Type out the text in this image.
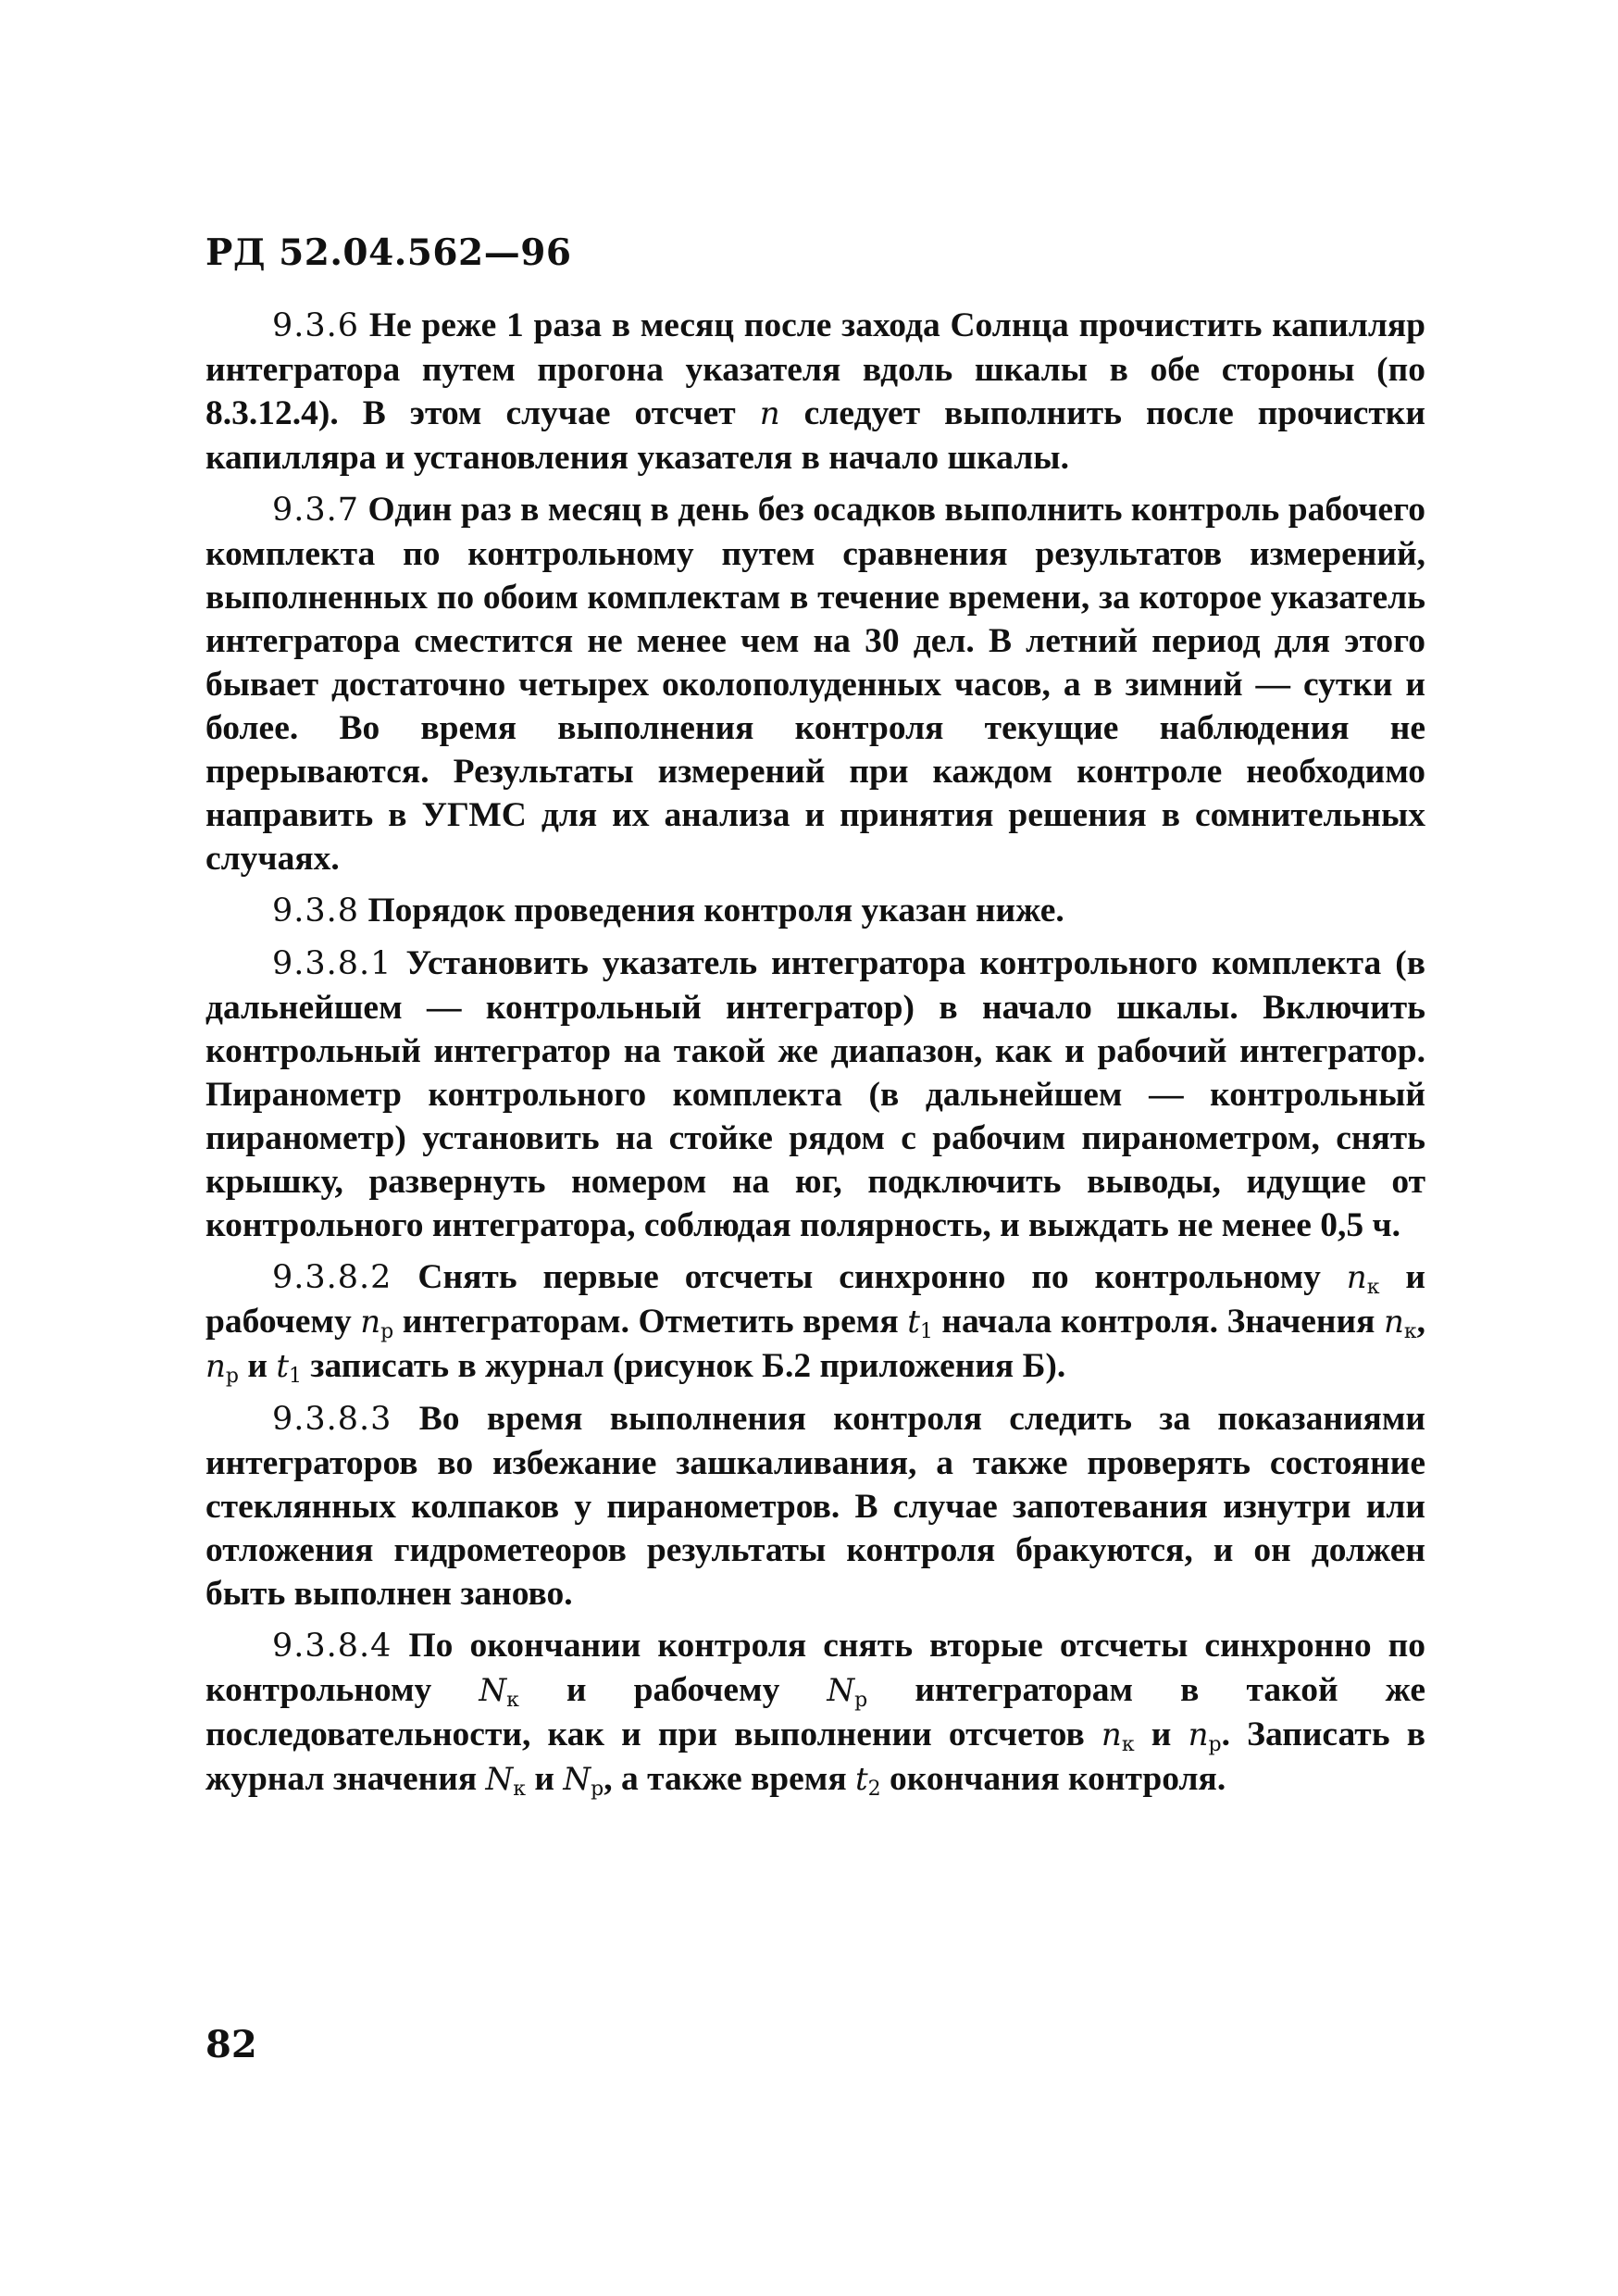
РД 52.04.562—96

9.3.6 Не реже 1 раза в месяц после захода Солнца прочистить капилляр интегратора путем прогона указателя вдоль шкалы в обе стороны (по 8.3.12.4). В этом случае отсчет n следует выполнить после прочистки капилляра и установления указателя в начало шкалы.

9.3.7 Один раз в месяц в день без осадков выполнить контроль рабочего комплекта по контрольному путем сравнения результатов измерений, выполненных по обоим комплектам в течение времени, за которое указатель интегратора сместится не менее чем на 30 дел. В летний период для этого бывает достаточно четырех околополуденных часов, а в зимний — сутки и более. Во время выполнения контроля текущие наблюдения не прерываются. Результаты измерений при каждом контроле необходимо направить в УГМС для их анализа и принятия решения в сомнительных случаях.

9.3.8 Порядок проведения контроля указан ниже.

9.3.8.1 Установить указатель интегратора контрольного комплекта (в дальнейшем — контрольный интегратор) в начало шкалы. Включить контрольный интегратор на такой же диапазон, как и рабочий интегратор. Пиранометр контрольного комплекта (в дальнейшем — контрольный пиранометр) установить на стойке рядом с рабочим пиранометром, снять крышку, развернуть номером на юг, подключить выводы, идущие от контрольного интегратора, соблюдая полярность, и выждать не менее 0,5 ч.

9.3.8.2 Снять первые отсчеты синхронно по контрольному $n_к$ и рабочему $n_р$ интеграторам. Отметить время $t_1$ начала контроля. Значения $n_к$, $n_р$ и $t_1$ записать в журнал (рисунок Б.2 приложения Б).

9.3.8.3 Во время выполнения контроля следить за показаниями интеграторов во избежание зашкаливания, а также проверять состояние стеклянных колпаков у пиранометров. В случае запотевания изнутри или отложения гидрометеоров результаты контроля бракуются, и он должен быть выполнен заново.

9.3.8.4 По окончании контроля снять вторые отсчеты синхронно по контрольному $N_к$ и рабочему $N_р$ интеграторам в такой же последовательности, как и при выполнении отсчетов $n_к$ и $n_р$. Записать в журнал значения $N_к$ и $N_р$, а также время $t_2$ окончания контроля.

82
